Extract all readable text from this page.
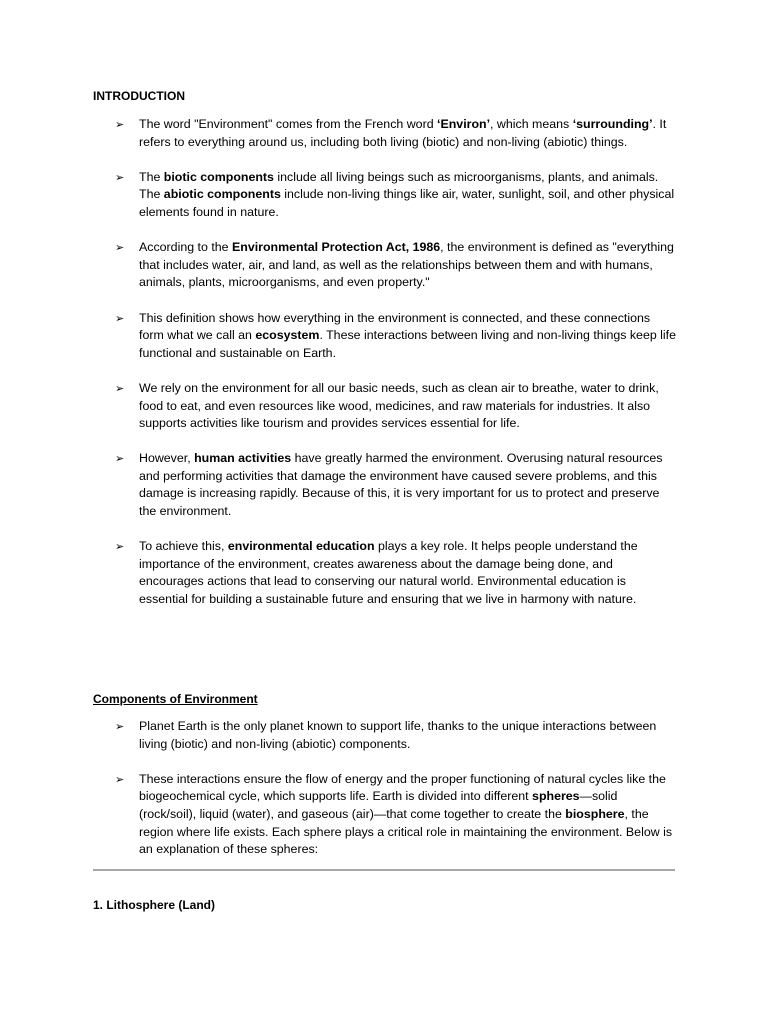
INTRODUCTION
➢ The word "Environment" comes from the French word ‘Environ’, which means ‘surrounding’. It refers to everything around us, including both living (biotic) and non-living (abiotic) things.
➢ The biotic components include all living beings such as microorganisms, plants, and animals. The abiotic components include non-living things like air, water, sunlight, soil, and other physical elements found in nature.
➢ According to the Environmental Protection Act, 1986, the environment is defined as "everything that includes water, air, and land, as well as the relationships between them and with humans, animals, plants, microorganisms, and even property."
➢ This definition shows how everything in the environment is connected, and these connections form what we call an ecosystem. These interactions between living and non-living things keep life functional and sustainable on Earth.
➢ We rely on the environment for all our basic needs, such as clean air to breathe, water to drink, food to eat, and even resources like wood, medicines, and raw materials for industries. It also supports activities like tourism and provides services essential for life.
➢ However, human activities have greatly harmed the environment. Overusing natural resources and performing activities that damage the environment have caused severe problems, and this damage is increasing rapidly. Because of this, it is very important for us to protect and preserve the environment.
➢ To achieve this, environmental education plays a key role. It helps people understand the importance of the environment, creates awareness about the damage being done, and encourages actions that lead to conserving our natural world. Environmental education is essential for building a sustainable future and ensuring that we live in harmony with nature.
Components of Environment
➢ Planet Earth is the only planet known to support life, thanks to the unique interactions between living (biotic) and non-living (abiotic) components.
➢ These interactions ensure the flow of energy and the proper functioning of natural cycles like the biogeochemical cycle, which supports life. Earth is divided into different spheres—solid (rock/soil), liquid (water), and gaseous (air)—that come together to create the biosphere, the region where life exists. Each sphere plays a critical role in maintaining the environment. Below is an explanation of these spheres:
1. Lithosphere (Land)
